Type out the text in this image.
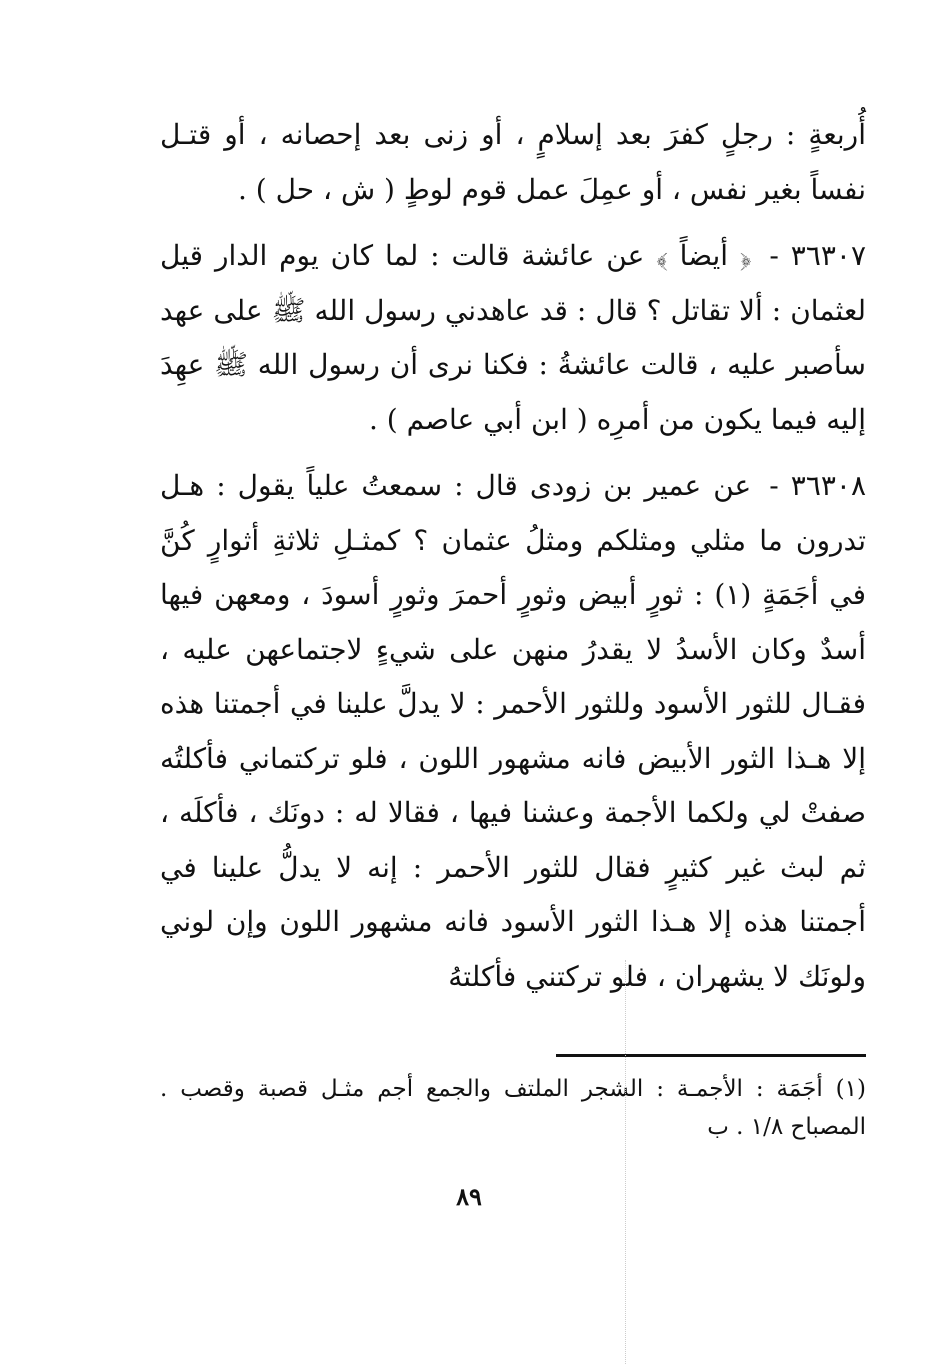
أُربعةٍ : رجلٍ كفرَ بعد إسلامٍ ، أو زنى بعد إحصانه ، أو قتـل نفساً بغير نفس ، أو عمِلَ عمل قوم لوطٍ ( ش ، حل ) .

٣٦٣٠٧ - ﴿ أيضاً ﴾ عن عائشة قالت : لما كان يوم الدار قيل لعثمان : ألا تقاتل ؟ قال : قد عاهدني رسول الله ﷺ على عهد سأصبر عليه ، قالت عائشةُ : فكنا نرى أن رسول الله ﷺ عهِدَ إليه فيما يكون من أمرِه ( ابن أبي عاصم ) .

٣٦٣٠٨ - عن عمير بن زودى قال : سمعتُ علياً يقول : هـل تدرون ما مثلي ومثلكم ومثلُ عثمان ؟ كمثـلِ ثلاثةِ أثوارٍ كُنَّ في أجَمَةٍ (١) : ثورٍ أبيض وثورٍ أحمرَ وثورٍ أسودَ ، ومعهن فيها أسدٌ وكان الأسدُ لا يقدرُ منهن على شيءٍ لاجتماعهن عليه ، فقـال للثور الأسود وللثور الأحمر : لا يدلَّ علينا في أجمتنا هذه إلا هـذا الثور الأبيض فانه مشهور اللون ، فلو تركتماني فأكلتُه صفتْ لي ولكما الأجمة وعشنا فيها ، فقالا له : دونَك ، فأكلَه ، ثم لبث غير كثيرٍ فقال للثور الأحمر : إنه لا يدلُّ علينا في أجمتنا هذه إلا هـذا الثور الأسود فانه مشهور اللون وإن لوني ولونَك لا يشهران ، فلو تركتني فأكلتهُ

(١) أجَمَة : الأجمـة : الشجر الملتف والجمع أجم مثـل قصبة وقصب . المصباح ١/٨ . ب

٨٩
